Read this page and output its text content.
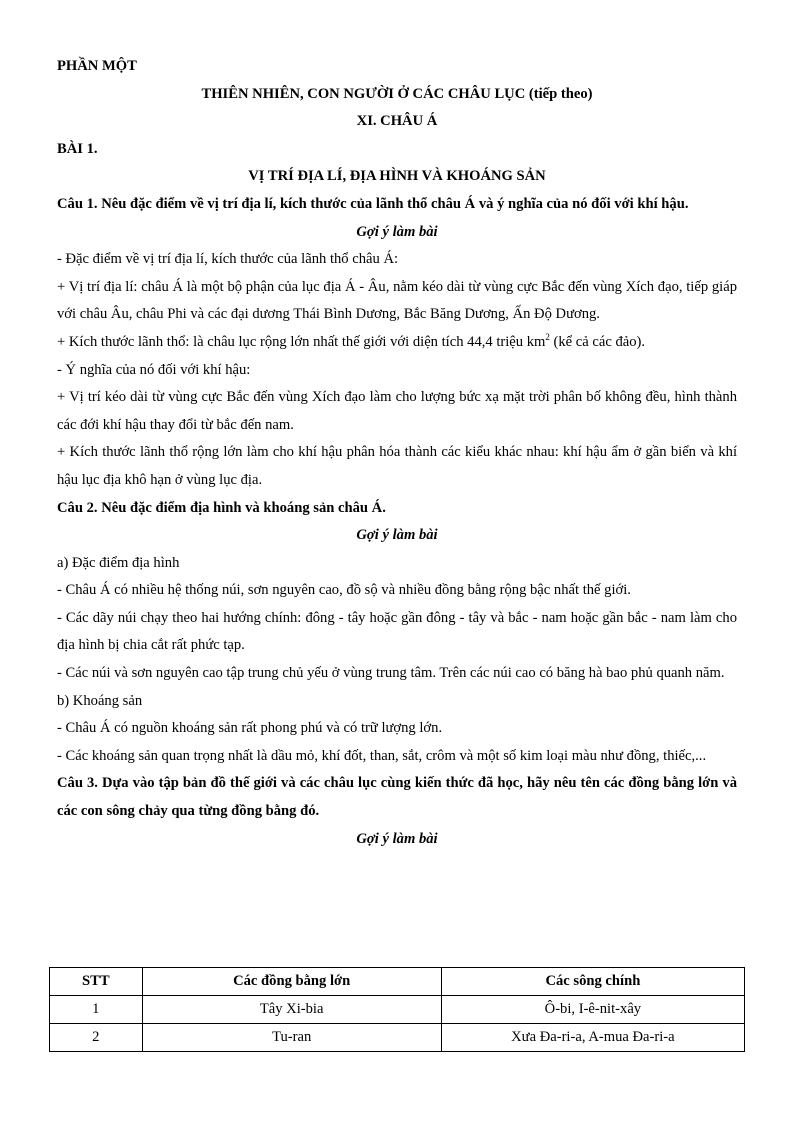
PHẦN MỘT

THIÊN NHIÊN, CON NGƯỜI Ở CÁC CHÂU LỤC (tiếp theo)

XI. CHÂU Á

BÀI 1.

VỊ TRÍ ĐỊA LÍ, ĐỊA HÌNH VÀ KHOÁNG SẢN

Câu 1. Nêu đặc điểm về vị trí địa lí, kích thước của lãnh thổ châu Á và ý nghĩa của nó đối với khí hậu.

Gợi ý làm bài

- Đặc điểm về vị trí địa lí, kích thước của lãnh thổ châu Á:

+ Vị trí địa lí: châu Á là một bộ phận của lục địa Á - Âu, nằm kéo dài từ vùng cực Bắc đến vùng Xích đạo, tiếp giáp với châu Âu, châu Phi và các đại dương Thái Bình Dương, Bắc Băng Dương, Ấn Độ Dương.

+ Kích thước lãnh thổ: là châu lục rộng lớn nhất thế giới với diện tích 44,4 triệu $km^2$ (kể cả các đảo).

- Ý nghĩa của nó đối với khí hậu:

+ Vị trí kéo dài từ vùng cực Bắc đến vùng Xích đạo làm cho lượng bức xạ mặt trời phân bố không đều, hình thành các đới khí hậu thay đổi từ bắc đến nam.

+ Kích thước lãnh thổ rộng lớn làm cho khí hậu phân hóa thành các kiểu khác nhau: khí hậu ẩm ở gần biển và khí hậu lục địa khô hạn ở vùng lục địa.

Câu 2. Nêu đặc điểm địa hình và khoáng sản châu Á.

Gợi ý làm bài

a) Đặc điểm địa hình

- Châu Á có nhiều hệ thống núi, sơn nguyên cao, đồ sộ và nhiều đồng bằng rộng bậc nhất thế giới.

- Các dãy núi chạy theo hai hướng chính: đông - tây hoặc gần đông - tây và bắc - nam hoặc gần bắc - nam làm cho địa hình bị chia cắt rất phức tạp.

- Các núi và sơn nguyên cao tập trung chủ yếu ở vùng trung tâm. Trên các núi cao có băng hà bao phủ quanh năm.

b) Khoáng sản

- Châu Á có nguồn khoáng sản rất phong phú và có trữ lượng lớn.

- Các khoáng sản quan trọng nhất là dầu mỏ, khí đốt, than, sắt, crôm và một số kim loại màu như đồng, thiếc,...

Câu 3. Dựa vào tập bản đồ thế giới và các châu lục cùng kiến thức đã học, hãy nêu tên các đồng bằng lớn và các con sông chảy qua từng đồng bằng đó.

Gợi ý làm bài

STT	Các đồng bằng lớn	Các sông chính
1	Tây Xi-bia	Ô-bi, I-ê-nit-xây
2	Tu-ran	Xưa Đa-ri-a, A-mua Đa-ri-a
